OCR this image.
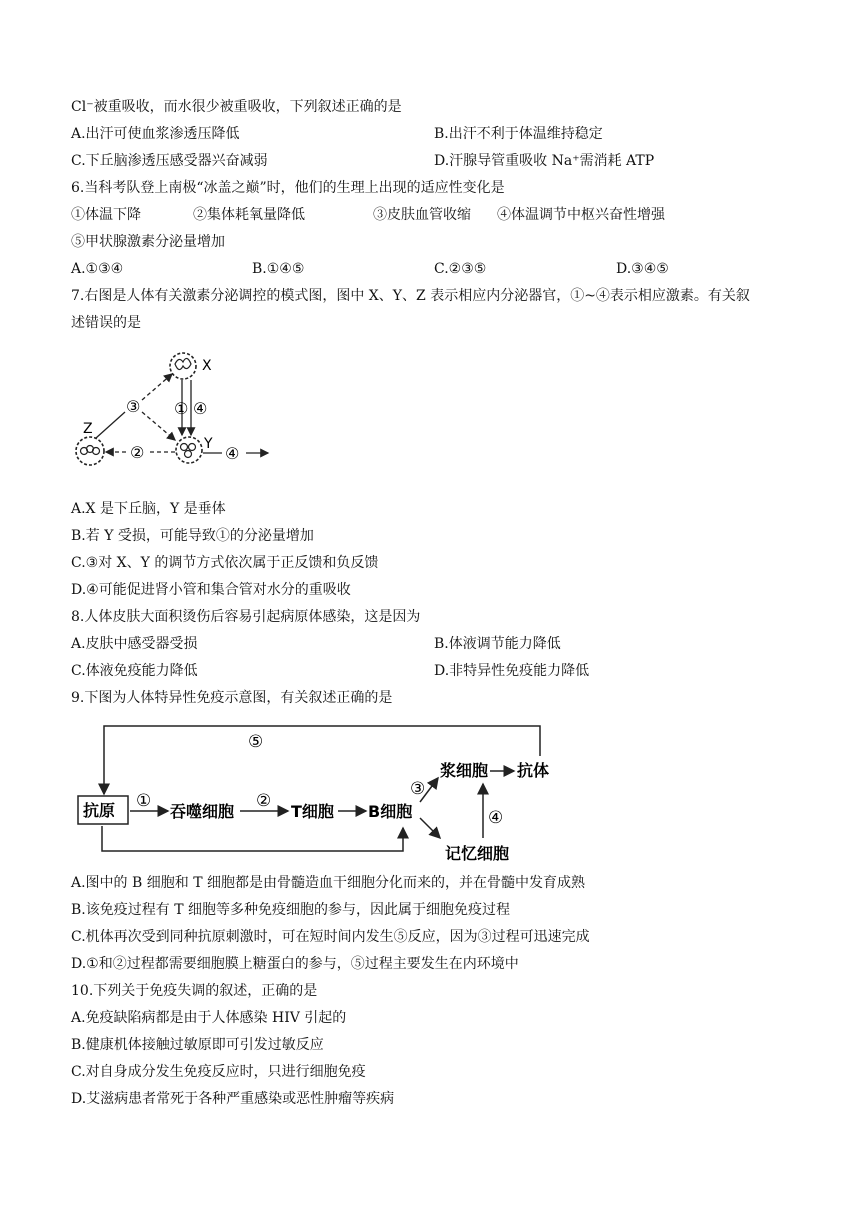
Cl⁻被重吸收，而水很少被重吸收，下列叙述正确的是
A.出汗可使血浆渗透压降低	B.出汗不利于体温维持稳定
C.下丘脑渗透压感受器兴奋减弱	D.汗腺导管重吸收 Na⁺需消耗 ATP
6.当科考队登上南极“冰盖之巅”时，他们的生理上出现的适应性变化是
①体温下降	②集体耗氧量降低	③皮肤血管收缩 ④体温调节中枢兴奋性增强
⑤甲状腺激素分泌量增加
A.①③④	B.①④⑤	C.②③⑤	D.③④⑤
7.右图是人体有关激素分泌调控的模式图，图中 X、Y、Z 表示相应内分泌器官，①~④表示相应激素。有关叙
述错误的是
X
Y
Z
③ ① ④
②	④
A.X 是下丘脑，Y 是垂体
B.若 Y 受损，可能导致①的分泌量增加
C.③对 X、Y 的调节方式依次属于正反馈和负反馈
D.④可能促进肾小管和集合管对水分的重吸收
8.人体皮肤大面积烫伤后容易引起病原体感染，这是因为
A.皮肤中感受器受损	B.体液调节能力降低
C.体液免疫能力降低	D.非特异性免疫能力降低
9.下图为人体特异性免疫示意图，有关叙述正确的是
⑤
抗原 ①
吞噬细胞
②
T细胞 B细胞
③
浆细胞 抗体
记忆细胞
④
A.图中的 B 细胞和 T 细胞都是由骨髓造血干细胞分化而来的，并在骨髓中发育成熟
B.该免疫过程有 T 细胞等多种免疫细胞的参与，因此属于细胞免疫过程
C.机体再次受到同种抗原刺激时，可在短时间内发生⑤反应，因为③过程可迅速完成
D.①和②过程都需要细胞膜上糖蛋白的参与，⑤过程主要发生在内环境中
10.下列关于免疫失调的叙述，正确的是
A.免疫缺陷病都是由于人体感染 HIV 引起的
B.健康机体接触过敏原即可引发过敏反应
C.对自身成分发生免疫反应时，只进行细胞免疫
D.艾滋病患者常死于各种严重感染或恶性肿瘤等疾病
